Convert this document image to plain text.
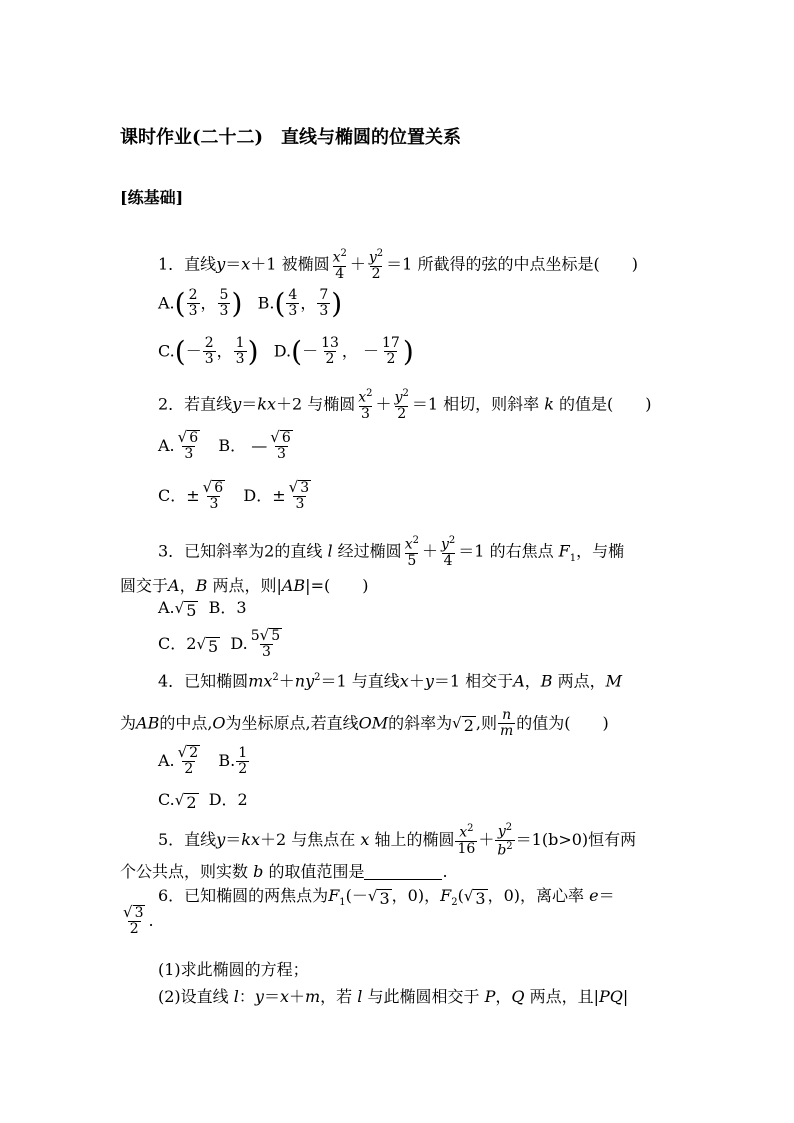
课时作业(二十二)　直线与椭圆的位置关系
[练基础]
1．直线y＝x＋1 被椭圆 $\frac{x^2}{4} + \frac{y^2}{2} =1$ 所截得的弦的中点坐标是(　　)
$A.( \frac{2}{3}$ ， $\frac{5}{3}$ ) $B.( \frac{4}{3}$ ， $\frac{7}{3}$ )
$C.(- \frac{2}{3}$ ， $\frac{1}{3}$ ) $D.(- \frac{13}{2}$ ， － $\frac{17}{2}$ )
2．若直线y＝kx＋2 与椭圆 $\frac{x^2}{3} + \frac{y^2}{2} =1$ 相切，则斜率 k 的值是(　　)
A. $\frac{√ 6}{3}$ B． — $\frac{√ 6}{3}$
C．± $\frac{√ 6}{3}$ D．± $\frac{√ 3}{3}$
3．已知斜率为2的直线 l 经过椭圆 $\frac{x^2}{5} + \frac{y^2}{4} =1$ 的右焦点 $F_1$，与椭
圆交于A，B 两点，则|AB|=(　　)
A. √ 5 B．3
C．2 √ 5 D. $\frac{5 √ 5}{3}$
4．已知椭圆$mx^2+ny^2=1$ 与直线x＋y＝1 相交于A，B 两点，M
为AB的中点,O为坐标原点,若直线OM的斜率为 √ 2 ,则 $\frac{n}{m}$ 的值为(　　)
A. $\frac{√ 2}{2} B$. $\frac{1}{2}$
C. √ 2 D．2
5．直线y＝kx＋2 与焦点在 x 轴上的椭圆 $\frac{x^2}{16} + \frac{y^2}{b^2} =1(b>0)$恒有两
个公共点，则实数 b 的取值范围是	.
6．已知椭圆的两焦点为$F_1(-$ √ 3 ，0)，$F_2$( √ 3 ，0)，离心率 e＝
$\frac{√ 3}{2}$ .
(1)求此椭圆的方程；
(2)设直线 l：y＝x＋m，若 l 与此椭圆相交于 P，Q 两点，且|PQ|
